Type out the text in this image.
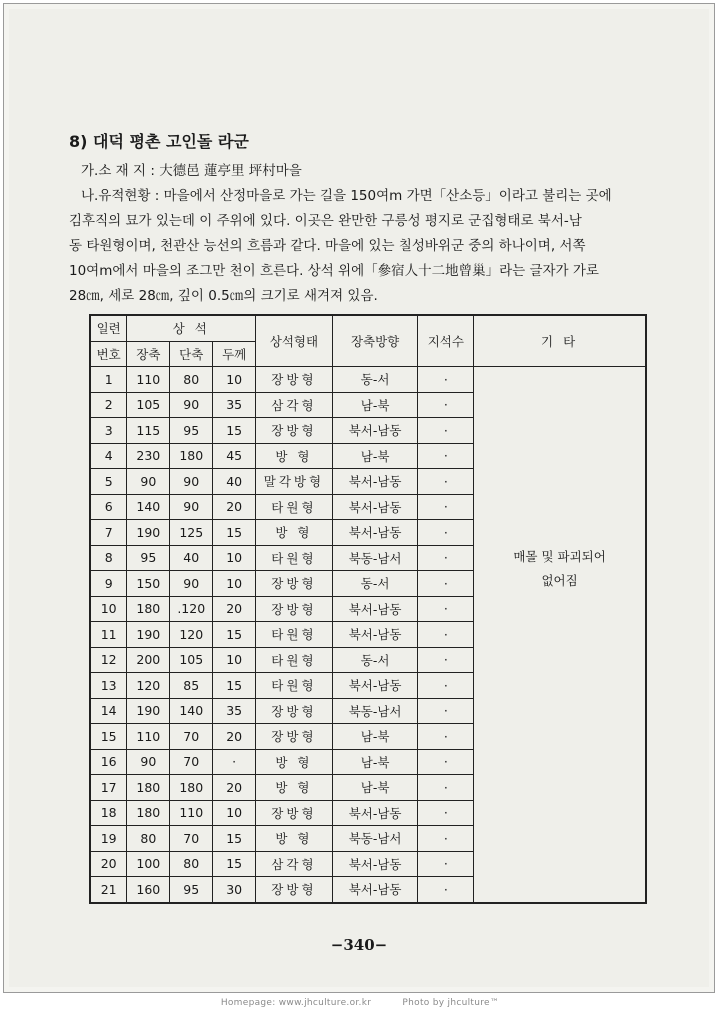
8) 대덕 평촌 고인돌 라군
가.소 재 지 : 大德邑 蓮亭里 坪村마을
나.유적현황 : 마을에서 산정마을로 가는 길을 150여m 가면「산소등」이라고 불리는 곳에
김후직의 묘가 있는데 이 주위에 있다. 이곳은 완만한 구릉성 평지로 군집형태로 북서-남
동 타원형이며, 천관산 능선의 흐름과 같다. 마을에 있는 칠성바위군 중의 하나이며, 서쪽
10여m에서 마을의 조그만 천이 흐른다. 상석 위에「參宿人十二地曾巢」라는 글자가 가로
28㎝, 세로 28㎝, 깊이 0.5㎝의 크기로 새겨져 있음.
일련	상 석			상석형태	장축방향	지석수	기 타
번호	장축	단축	두께				
1	110	80	10	장방형	동-서	·	매몰 및 파괴되어
없어짐

2	105	90	35	삼각형	남-북	·	
3	115	95	15	장방형	북서-남동	·	
4	230	180	45	방 형	남-북	·	
5	90	90	40	말각방형	북서-남동	·	
6	140	90	20	타원형	북서-남동	·	
7	190	125	15	방 형	북서-남동	·	
8	95	40	10	타원형	북동-남서	·	
9	150	90	10	장방형	동-서	·	
10	180	.120	20	장방형	북서-남동	·	
11	190	120	15	타원형	북서-남동	·	
12	200	105	10	타원형	동-서	·	
13	120	85	15	타원형	북서-남동	·	
14	190	140	35	장방형	북동-남서	·	
15	110	70	20	장방형	남-북	·	
16	90	70	·	방 형	남-북	·	
17	180	180	20	방 형	남-북	·	
18	180	110	10	장방형	북서-남동	·	
19	80	70	15	방 형	북동-남서	·	
20	100	80	15	삼각형	북서-남동	·	
21	160	95	30	장방형	북서-남동	·	
−340−
Homepage: www.jhculture.or.kr	Photo by jhculture™
